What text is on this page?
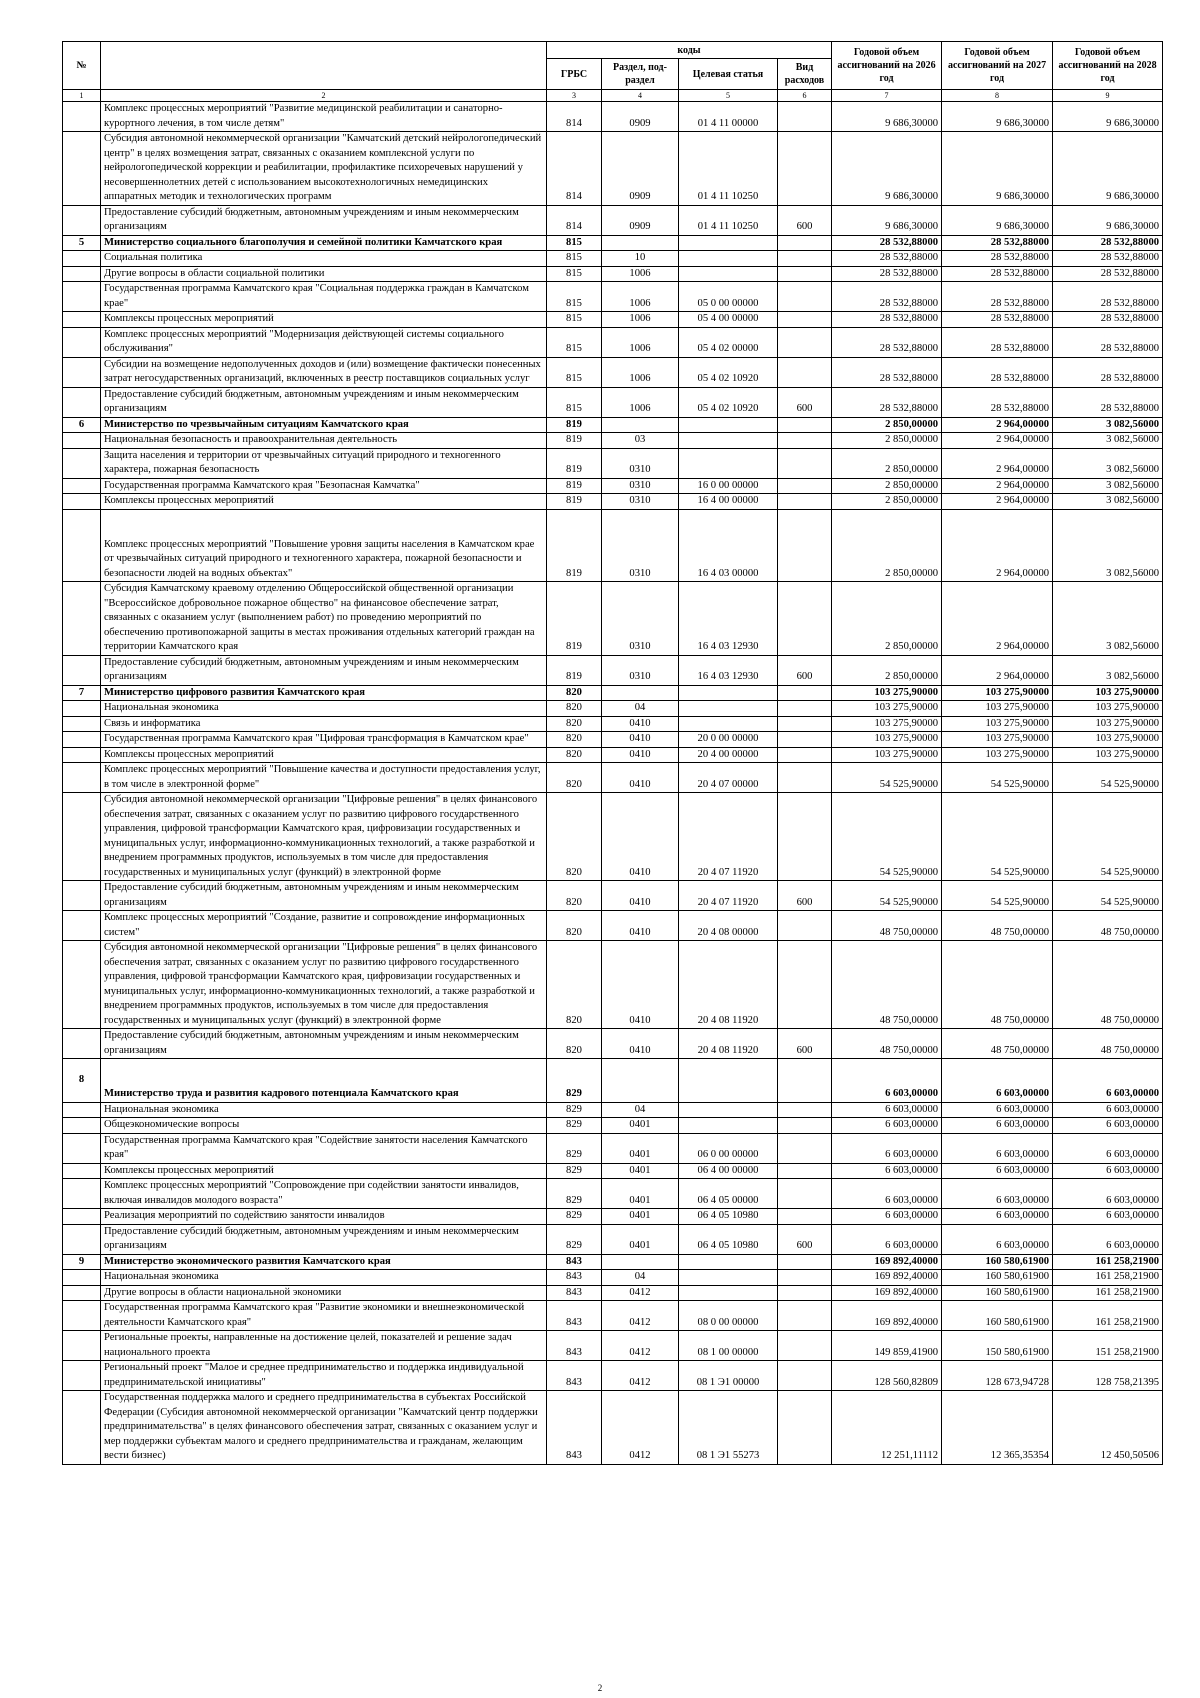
№		коды				Годовой объем ассигнований на 2026 год	Годовой объем ассигнований на 2027 год	Годовой объем ассигнований на 2028 год
		ГРБС	Раздел, под-раздел	Целевая статья	Вид расходов			
1	2	3	4	5	6	7	8	9
	Комплекс процессных мероприятий "Развитие медицинской реабилитации и санаторно-курортного лечения, в том числе детям"	814	0909	01 4 11 00000		9 686,30000	9 686,30000	9 686,30000
	Субсидия автономной некоммерческой организации "Камчатский детский нейрологопедический центр" в целях возмещения затрат, связанных с оказанием комплексной услуги по нейрологопедической коррекции и реабилитации, профилактике психоречевых нарушений у несовершеннолетних детей с использованием высокотехнологичных немедицинских аппаратных методик и технологических программ	814	0909	01 4 11 10250		9 686,30000	9 686,30000	9 686,30000
	Предоставление субсидий бюджетным, автономным учреждениям и иным некоммерческим организациям	814	0909	01 4 11 10250	600	9 686,30000	9 686,30000	9 686,30000
5	Министерство социального благополучия и семейной политики Камчатского края	815				28 532,88000	28 532,88000	28 532,88000
	Социальная политика	815	10			28 532,88000	28 532,88000	28 532,88000
	Другие вопросы в области социальной политики	815	1006			28 532,88000	28 532,88000	28 532,88000
	Государственная программа Камчатского края "Социальная поддержка граждан в Камчатском крае"	815	1006	05 0 00 00000		28 532,88000	28 532,88000	28 532,88000
	Комплексы процессных мероприятий	815	1006	05 4 00 00000		28 532,88000	28 532,88000	28 532,88000
	Комплекс процессных мероприятий "Модернизация действующей системы социального обслуживания"	815	1006	05 4 02 00000		28 532,88000	28 532,88000	28 532,88000
	Субсидии на возмещение недополученных доходов и (или) возмещение фактически понесенных затрат негосударственных организаций, включенных в реестр поставщиков социальных услуг	815	1006	05 4 02 10920		28 532,88000	28 532,88000	28 532,88000
	Предоставление субсидий бюджетным, автономным учреждениям и иным некоммерческим организациям	815	1006	05 4 02 10920	600	28 532,88000	28 532,88000	28 532,88000
6	Министерство по чрезвычайным ситуациям Камчатского края	819				2 850,00000	2 964,00000	3 082,56000
	Национальная безопасность и правоохранительная деятельность	819	03			2 850,00000	2 964,00000	3 082,56000
	Защита населения и территории от чрезвычайных ситуаций природного и техногенного характера, пожарная безопасность	819	0310			2 850,00000	2 964,00000	3 082,56000
	Государственная программа Камчатского края "Безопасная Камчатка"	819	0310	16 0 00 00000		2 850,00000	2 964,00000	3 082,56000
	Комплексы процессных мероприятий	819	0310	16 4 00 00000		2 850,00000	2 964,00000	3 082,56000
	Комплекс процессных мероприятий "Повышение уровня защиты населения в Камчатском крае от чрезвычайных ситуаций природного и техногенного характера, пожарной безопасности и безопасности людей на водных объектах"	819	0310	16 4 03 00000		2 850,00000	2 964,00000	3 082,56000
	Субсидия Камчатскому краевому отделению Общероссийской общественной организации "Всероссийское добровольное пожарное общество" на финансовое обеспечение затрат, связанных с оказанием услуг (выполнением работ) по проведению мероприятий по обеспечению противопожарной защиты в местах проживания отдельных категорий граждан на территории Камчатского края	819	0310	16 4 03 12930		2 850,00000	2 964,00000	3 082,56000
	Предоставление субсидий бюджетным, автономным учреждениям и иным некоммерческим организациям	819	0310	16 4 03 12930	600	2 850,00000	2 964,00000	3 082,56000
7	Министерство цифрового развития Камчатского края	820				103 275,90000	103 275,90000	103 275,90000
	Национальная экономика	820	04			103 275,90000	103 275,90000	103 275,90000
	Связь и информатика	820	0410			103 275,90000	103 275,90000	103 275,90000
	Государственная программа Камчатского края "Цифровая трансформация в Камчатском крае"	820	0410	20 0 00 00000		103 275,90000	103 275,90000	103 275,90000
	Комплексы процессных мероприятий	820	0410	20 4 00 00000		103 275,90000	103 275,90000	103 275,90000
	Комплекс процессных мероприятий "Повышение качества и доступности предоставления услуг, в том числе в электронной форме"	820	0410	20 4 07 00000		54 525,90000	54 525,90000	54 525,90000
	Субсидия автономной некоммерческой организации "Цифровые решения" в целях финансового обеспечения затрат, связанных с оказанием услуг по развитию цифрового государственного управления, цифровой трансформации Камчатского края, цифровизации государственных и муниципальных услуг, информационно-коммуникационных технологий, а также разработкой и внедрением программных продуктов, используемых в том числе для предоставления государственных и муниципальных услуг (функций) в электронной форме	820	0410	20 4 07 11920		54 525,90000	54 525,90000	54 525,90000
	Предоставление субсидий бюджетным, автономным учреждениям и иным некоммерческим организациям	820	0410	20 4 07 11920	600	54 525,90000	54 525,90000	54 525,90000
	Комплекс процессных мероприятий "Создание, развитие и сопровождение информационных систем"	820	0410	20 4 08 00000		48 750,00000	48 750,00000	48 750,00000
	Субсидия автономной некоммерческой организации "Цифровые решения" в целях финансового обеспечения затрат, связанных с оказанием услуг по развитию цифрового государственного управления, цифровой трансформации Камчатского края, цифровизации государственных и муниципальных услуг, информационно-коммуникационных технологий, а также разработкой и внедрением программных продуктов, используемых в том числе для предоставления государственных и муниципальных услуг (функций) в электронной форме	820	0410	20 4 08 11920		48 750,00000	48 750,00000	48 750,00000
	Предоставление субсидий бюджетным, автономным учреждениям и иным некоммерческим организациям	820	0410	20 4 08 11920	600	48 750,00000	48 750,00000	48 750,00000
8	Министерство труда и развития кадрового потенциала Камчатского края	829				6 603,00000	6 603,00000	6 603,00000
	Национальная экономика	829	04			6 603,00000	6 603,00000	6 603,00000
	Общеэкономические вопросы	829	0401			6 603,00000	6 603,00000	6 603,00000
	Государственная программа Камчатского края "Содействие занятости населения Камчатского края"	829	0401	06 0 00 00000		6 603,00000	6 603,00000	6 603,00000
	Комплексы процессных мероприятий	829	0401	06 4 00 00000		6 603,00000	6 603,00000	6 603,00000
	Комплекс процессных мероприятий "Сопровождение при содействии занятости инвалидов, включая инвалидов молодого возраста"	829	0401	06 4 05 00000		6 603,00000	6 603,00000	6 603,00000
	Реализация мероприятий по содействию занятости инвалидов	829	0401	06 4 05 10980		6 603,00000	6 603,00000	6 603,00000
	Предоставление субсидий бюджетным, автономным учреждениям и иным некоммерческим организациям	829	0401	06 4 05 10980	600	6 603,00000	6 603,00000	6 603,00000
9	Министерство экономического развития Камчатского края	843				169 892,40000	160 580,61900	161 258,21900
	Национальная экономика	843	04			169 892,40000	160 580,61900	161 258,21900
	Другие вопросы в области национальной экономики	843	0412			169 892,40000	160 580,61900	161 258,21900
	Государственная программа Камчатского края "Развитие экономики и внешнеэкономической деятельности Камчатского края"	843	0412	08 0 00 00000		169 892,40000	160 580,61900	161 258,21900
	Региональные проекты, направленные на достижение целей, показателей и решение задач национального проекта	843	0412	08 1 00 00000		149 859,41900	150 580,61900	151 258,21900
	Региональный проект "Малое и среднее предпринимательство и поддержка индивидуальной предпринимательской инициативы"	843	0412	08 1 Э1 00000		128 560,82809	128 673,94728	128 758,21395
	Государственная поддержка малого и среднего предпринимательства в субъектах Российской Федерации (Субсидия автономной некоммерческой организации "Камчатский центр поддержки предпринимательства" в целях финансового обеспечения затрат, связанных с оказанием услуг и мер поддержки субъектам малого и среднего предпринимательства и гражданам, желающим вести бизнес)	843	0412	08 1 Э1 55273		12 251,11112	12 365,35354	12 450,50506
2
